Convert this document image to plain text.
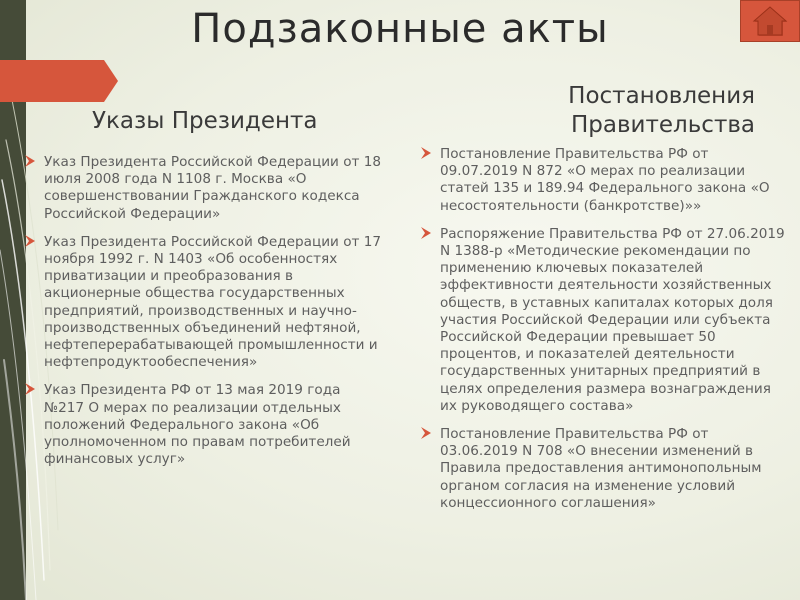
Подзаконные акты
Указы Президента
Постановления
Правительства
Указ Президента Российской Федерации от 18 июля 2008 года N 1108 г. Москва «О совершенствовании Гражданского кодекса Российской Федерации»
Указ Президента Российской Федерации от 17 ноября 1992 г. N 1403 «Об особенностях приватизации и преобразования в акционерные общества государственных предприятий, производственных и научно-производственных объединений нефтяной, нефтеперерабатывающей промышленности и нефтепродуктообеспечения»
Указ Президента РФ от 13 мая 2019 года №217 О мерах по реализации отдельных положений Федерального закона «Об уполномоченном по правам потребителей финансовых услуг»
Постановление Правительства РФ от 09.07.2019 N 872 «О мерах по реализации статей 135 и 189.94 Федерального закона «О несостоятельности (банкротстве)»»
Распоряжение Правительства РФ от 27.06.2019 N 1388-р «Методические рекомендации по применению ключевых показателей эффективности деятельности хозяйственных обществ, в уставных капиталах которых доля участия Российской Федерации или субъекта Российской Федерации превышает 50 процентов, и показателей деятельности государственных унитарных предприятий в целях определения размера вознаграждения их руководящего состава»
Постановление Правительства РФ от 03.06.2019 N 708 «О внесении изменений в Правила предоставления антимонопольным органом согласия на изменение условий концессионного соглашения»
